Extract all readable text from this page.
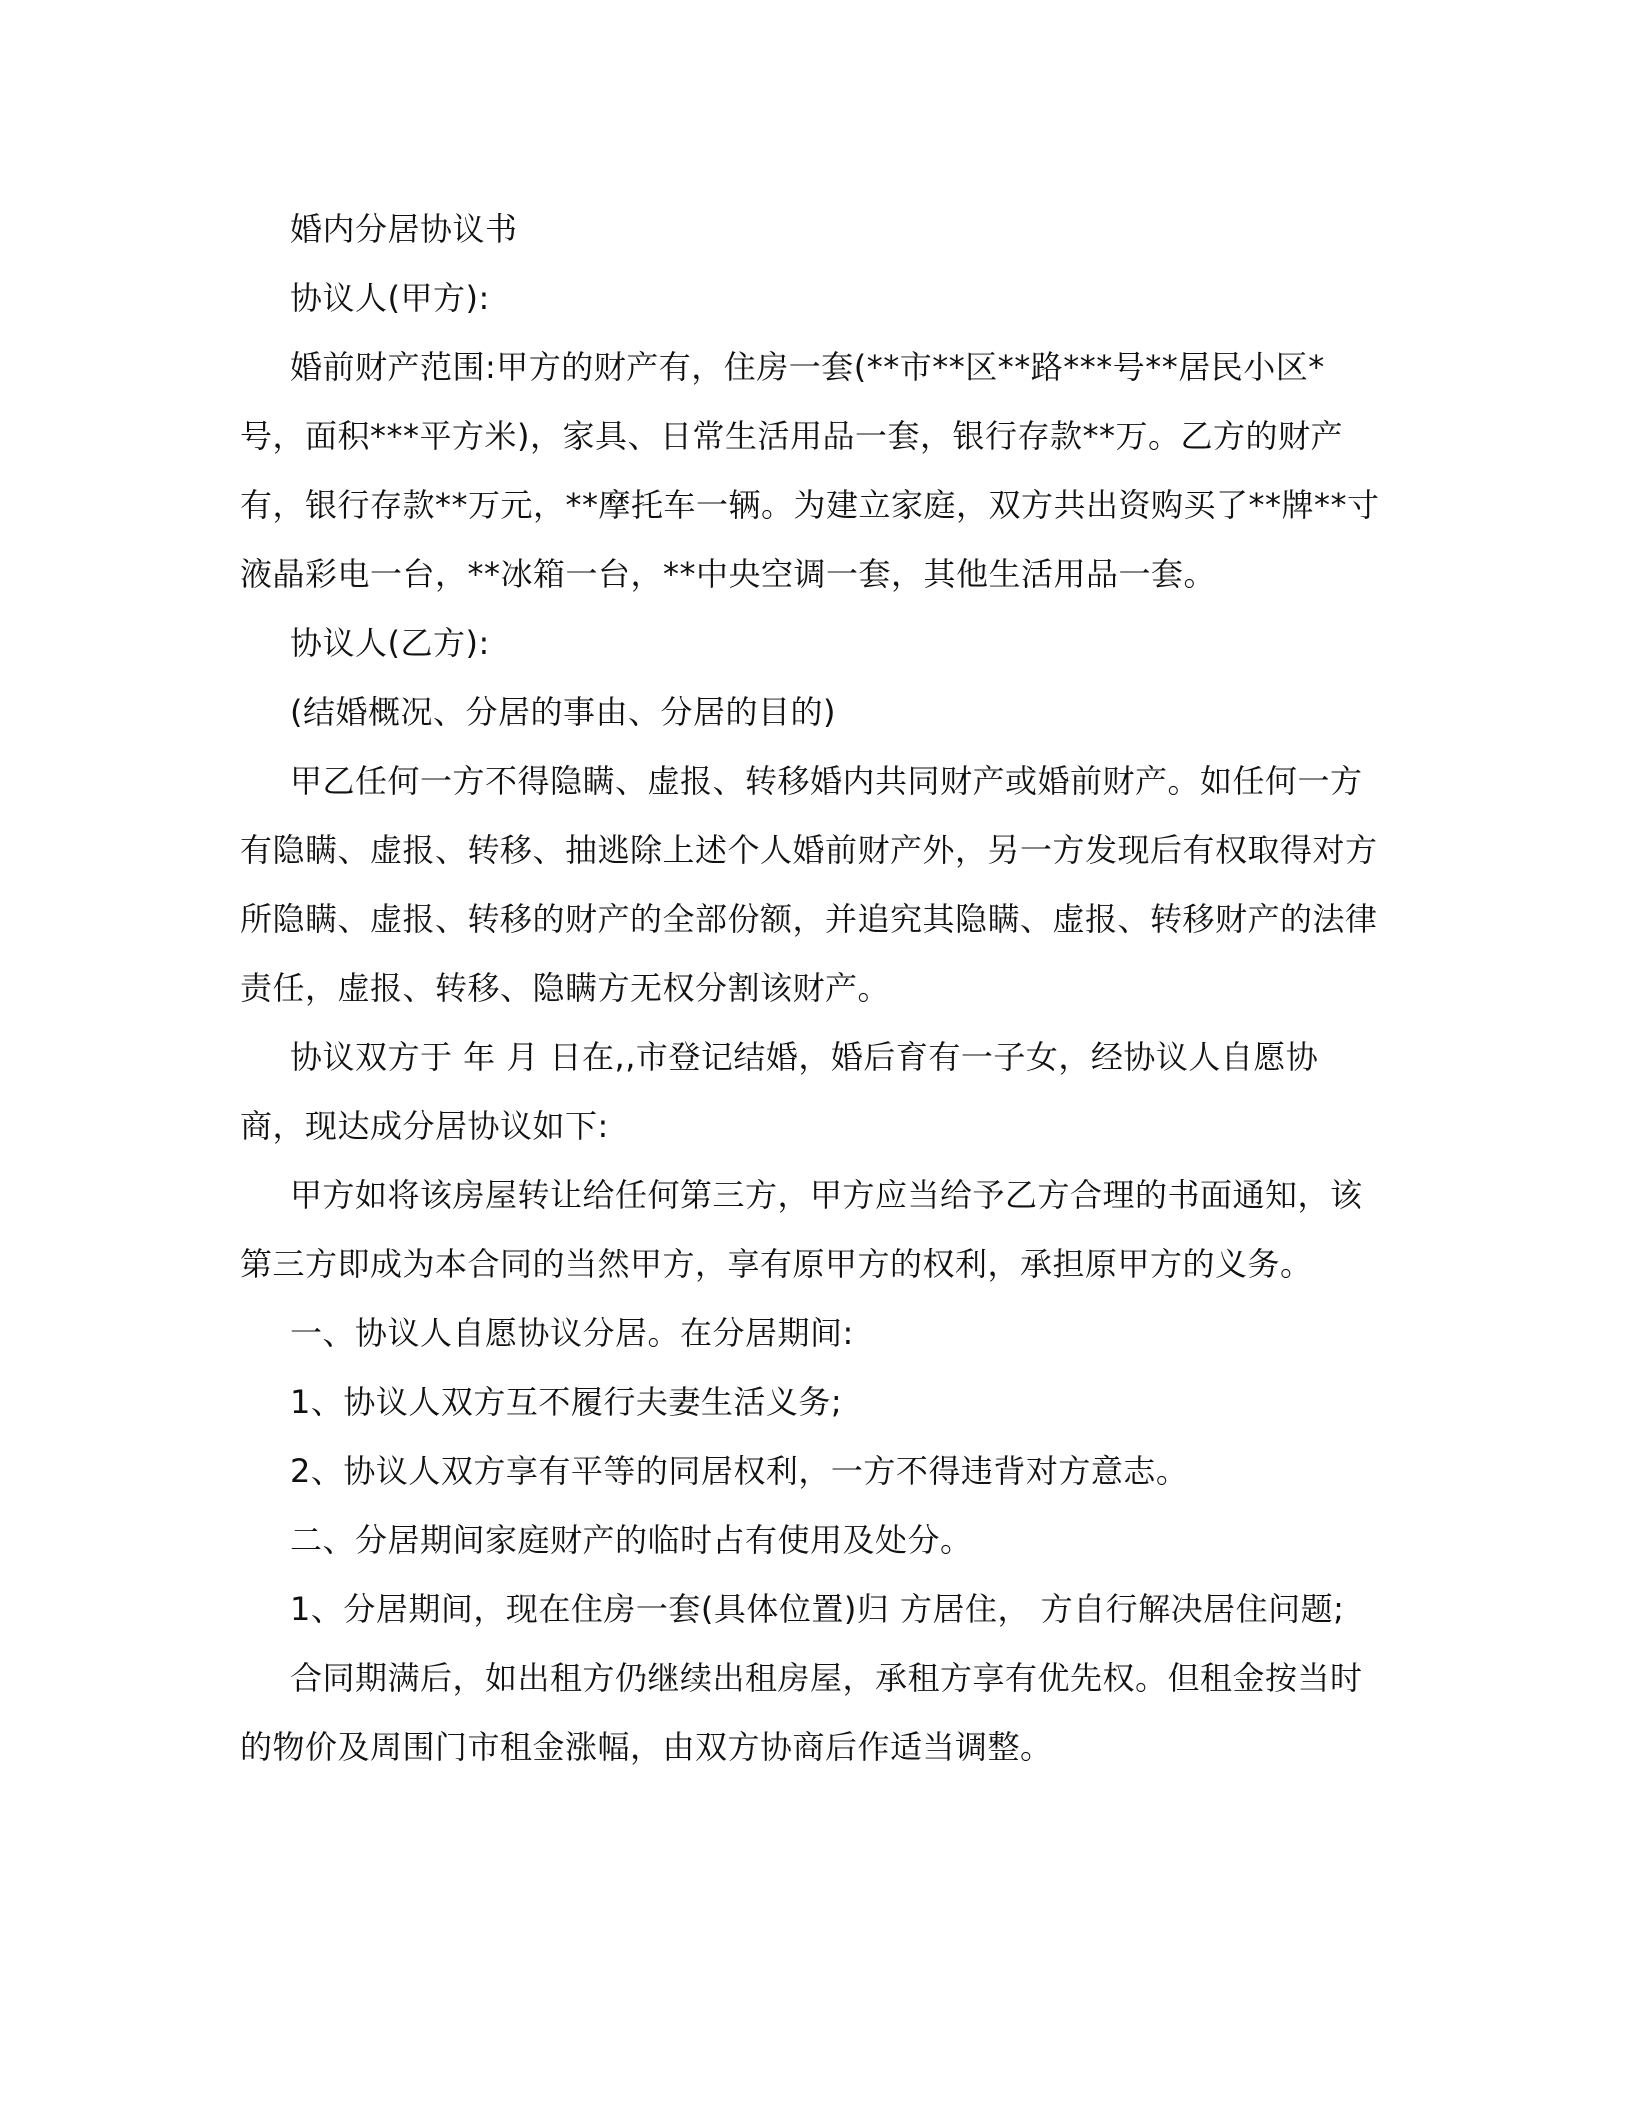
婚内分居协议书

协议人(甲方):

婚前财产范围:甲方的财产有，住房一套(**市**区**路***号**居民小区*号，面积***平方米)，家具、日常生活用品一套，银行存款**万。乙方的财产有，银行存款**万元，**摩托车一辆。为建立家庭，双方共出资购买了**牌**寸液晶彩电一台，**冰箱一台，**中央空调一套，其他生活用品一套。

协议人(乙方):

(结婚概况、分居的事由、分居的目的)

甲乙任何一方不得隐瞒、虚报、转移婚内共同财产或婚前财产。如任何一方有隐瞒、虚报、转移、抽逃除上述个人婚前财产外，另一方发现后有权取得对方所隐瞒、虚报、转移的财产的全部份额，并追究其隐瞒、虚报、转移财产的法律责任，虚报、转移、隐瞒方无权分割该财产。

协议双方于 年 月 日在,,市登记结婚，婚后育有一子女，经协议人自愿协商，现达成分居协议如下:

甲方如将该房屋转让给任何第三方，甲方应当给予乙方合理的书面通知，该第三方即成为本合同的当然甲方，享有原甲方的权利，承担原甲方的义务。

一、协议人自愿协议分居。在分居期间:

1、协议人双方互不履行夫妻生活义务;

2、协议人双方享有平等的同居权利，一方不得违背对方意志。

二、分居期间家庭财产的临时占有使用及处分。

1、分居期间，现在住房一套(具体位置)归 方居住， 方自行解决居住问题;

合同期满后，如出租方仍继续出租房屋，承租方享有优先权。但租金按当时的物价及周围门市租金涨幅，由双方协商后作适当调整。
